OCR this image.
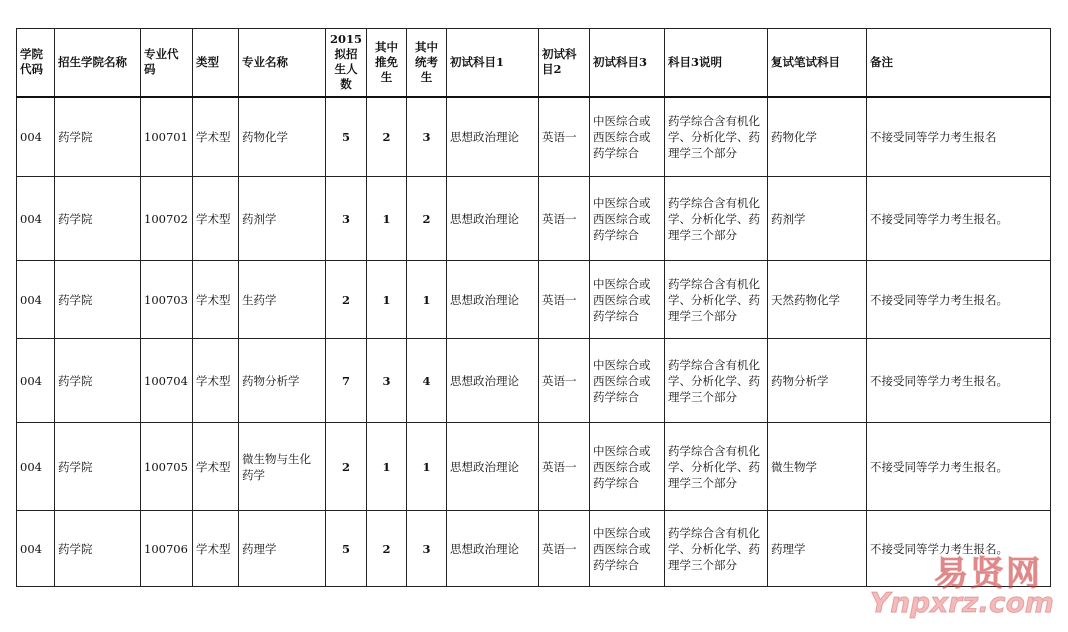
学院代码	招生学院名称	专业代码	类型	专业名称	2015拟招生人数	其中推免生	其中统考生	初试科目1	初试科目2	初试科目3	科目3说明	复试笔试科目	备注
004	药学院	100701	学术型	药物化学	5	2	3	思想政治理论	英语一	中医综合或西医综合或药学综合	药学综合含有机化学、分析化学、药理学三个部分	药物化学	不接受同等学力考生报名
004	药学院	100702	学术型	药剂学	3	1	2	思想政治理论	英语一	中医综合或西医综合或药学综合	药学综合含有机化学、分析化学、药理学三个部分	药剂学	不接受同等学力考生报名。
004	药学院	100703	学术型	生药学	2	1	1	思想政治理论	英语一	中医综合或西医综合或药学综合	药学综合含有机化学、分析化学、药理学三个部分	天然药物化学	不接受同等学力考生报名。
004	药学院	100704	学术型	药物分析学	7	3	4	思想政治理论	英语一	中医综合或西医综合或药学综合	药学综合含有机化学、分析化学、药理学三个部分	药物分析学	不接受同等学力考生报名。
004	药学院	100705	学术型	微生物与生化药学	2	1	1	思想政治理论	英语一	中医综合或西医综合或药学综合	药学综合含有机化学、分析化学、药理学三个部分	微生物学	不接受同等学力考生报名。
004	药学院	100706	学术型	药理学	5	2	3	思想政治理论	英语一	中医综合或西医综合或药学综合	药学综合含有机化学、分析化学、药理学三个部分	药理学	不接受同等学力考生报名。
易贤网
Ynpxrz.com
